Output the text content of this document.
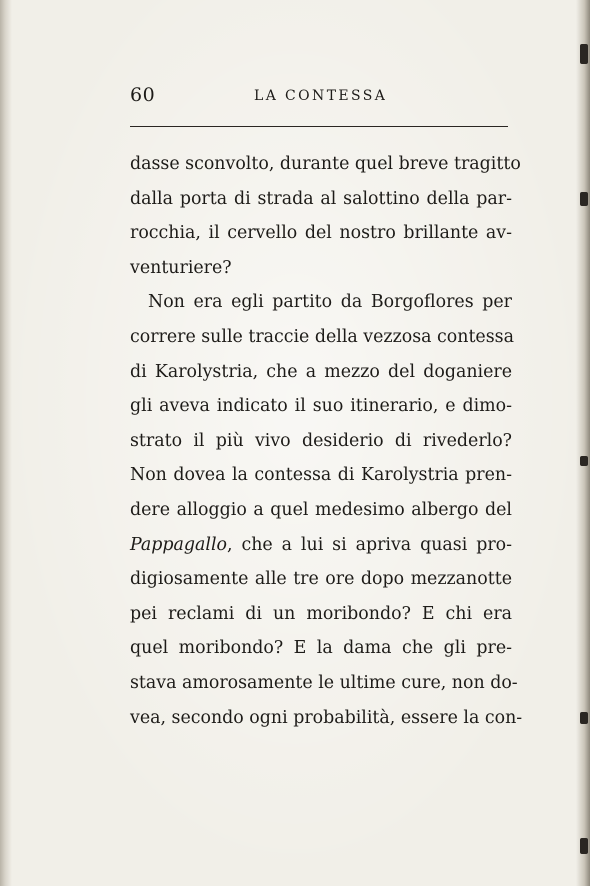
60	LA CONTESSA
dasse sconvolto, durante quel breve tragitto
dalla porta di strada al salottino della par-
rocchia, il cervello del nostro brillante av-
venturiere?
Non era egli partito da Borgoflores per
correre sulle traccie della vezzosa contessa
di Karolystria, che a mezzo del doganiere
gli aveva indicato il suo itinerario, e dimo-
strato il più vivo desiderio di rivederlo?
Non dovea la contessa di Karolystria pren-
dere alloggio a quel medesimo albergo del
Pappagallo, che a lui si apriva quasi pro-
digiosamente alle tre ore dopo mezzanotte
pei reclami di un moribondo? E chi era
quel moribondo? E la dama che gli pre-
stava amorosamente le ultime cure, non do-
vea, secondo ogni probabilità, essere la con-
